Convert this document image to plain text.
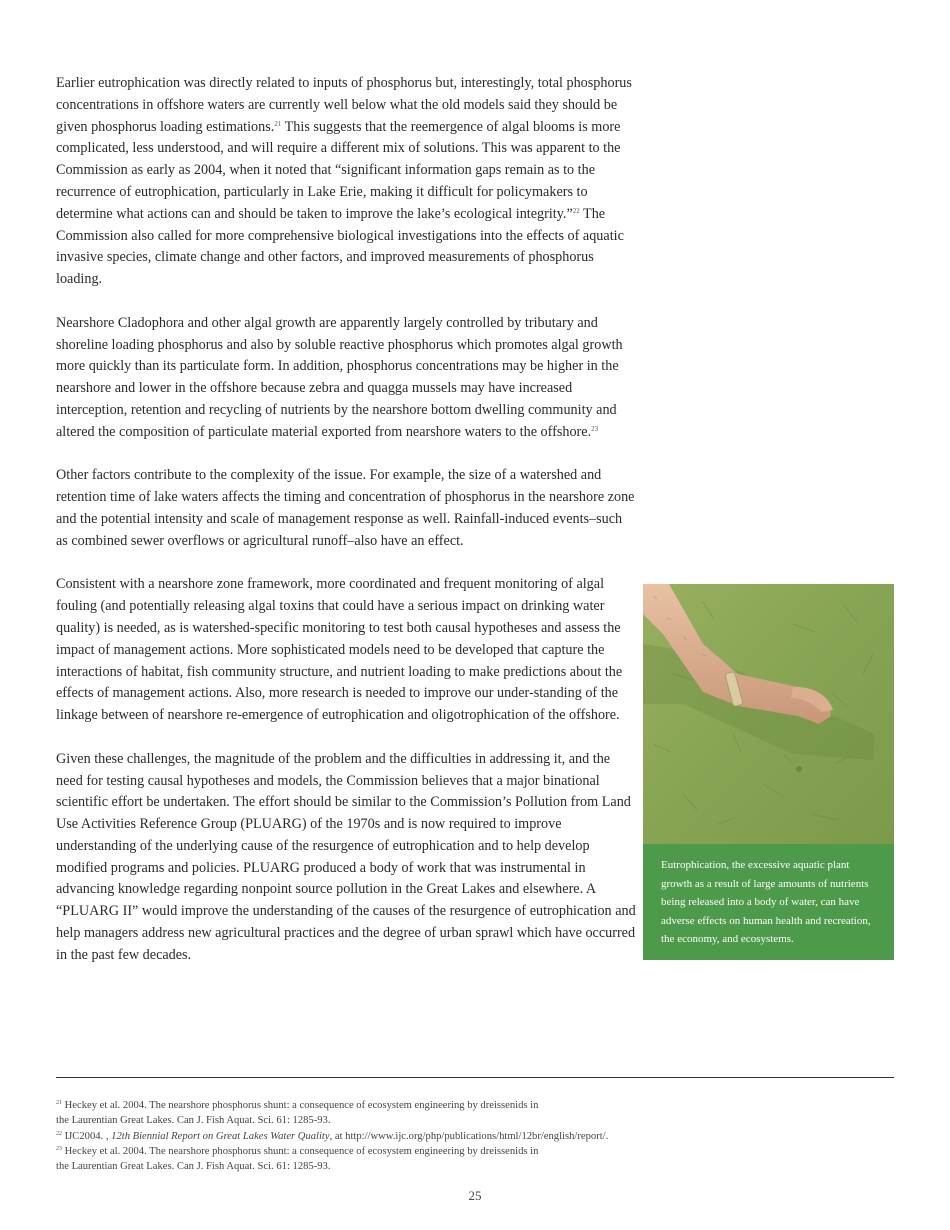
Earlier eutrophication was directly related to inputs of phosphorus but, interestingly, total phosphorus concentrations in offshore waters are currently well below what the old models said they should be given phosphorus loading estimations.$^{21}$ This suggests that the reemergence of algal blooms is more complicated, less understood, and will require a different mix of solutions. This was apparent to the Commission as early as 2004, when it noted that “significant information gaps remain as to the recurrence of eutrophication, particularly in Lake Erie, making it difficult for policymakers to determine what actions can and should be taken to improve the lake’s ecological integrity.”$^{22}$ The Commission also called for more comprehensive biological investigations into the effects of aquatic invasive species, climate change and other factors, and improved measurements of phosphorus loading.

Nearshore Cladophora and other algal growth are apparently largely controlled by tributary and shoreline loading phosphorus and also by soluble reactive phosphorus which promotes algal growth more quickly than its particulate form. In addition, phosphorus concentrations may be higher in the nearshore and lower in the offshore because zebra and quagga mussels may have increased interception, retention and recycling of nutrients by the nearshore bottom dwelling community and altered the composition of particulate material exported from nearshore waters to the offshore.$^{23}$

Other factors contribute to the complexity of the issue. For example, the size of a watershed and retention time of lake waters affects the timing and concentration of phosphorus in the nearshore zone and the potential intensity and scale of management response as well. Rainfall-induced events–such as combined sewer overflows or agricultural runoff–also have an effect.

Consistent with a nearshore zone framework, more coordinated and frequent monitoring of algal fouling (and potentially releasing algal toxins that could have a serious impact on drinking water quality) is needed, as is watershed-specific monitoring to test both causal hypotheses and assess the impact of management actions. More sophisticated models need to be developed that capture the interactions of habitat, fish community structure, and nutrient loading to make predictions about the effects of management actions. Also, more research is needed to improve our under-standing of the linkage between of nearshore re-emergence of eutrophication and oligotrophication of the offshore.

Given these challenges, the magnitude of the problem and the difficulties in addressing it, and the need for testing causal hypotheses and models, the Commission believes that a major binational scientific effort be undertaken. The effort should be similar to the Commission’s Pollution from Land Use Activities Reference Group (PLUARG) of the 1970s and is now required to improve understanding of the underlying cause of the resurgence of eutrophication and to help develop modified programs and policies. PLUARG produced a body of work that was instrumental in advancing knowledge regarding nonpoint source pollution in the Great Lakes and elsewhere. A “PLUARG II” would improve the understanding of the causes of the resurgence of eutrophication and help managers address new agricultural practices and the degree of urban sprawl which have occurred in the past few decades.

Eutrophication, the excessive aquatic plant growth as a result of large amounts of nutrients being released into a body of water, can have adverse effects on human health and recreation, the economy, and ecosystems.

$^{21}$ Heckey et al. 2004. The nearshore phosphorus shunt: a consequence of ecosystem engineering by dreissenids in
the Laurentian Great Lakes. Can J. Fish Aquat. Sci. 61: 1285-93.

$^{22}$ IJC2004. , 12th Biennial Report on Great Lakes Water Quality, at http://www.ijc.org/php/publications/html/12br/english/report/.

$^{23}$ Heckey et al. 2004. The nearshore phosphorus shunt: a consequence of ecosystem engineering by dreissenids in
the Laurentian Great Lakes. Can J. Fish Aquat. Sci. 61: 1285-93.

25
